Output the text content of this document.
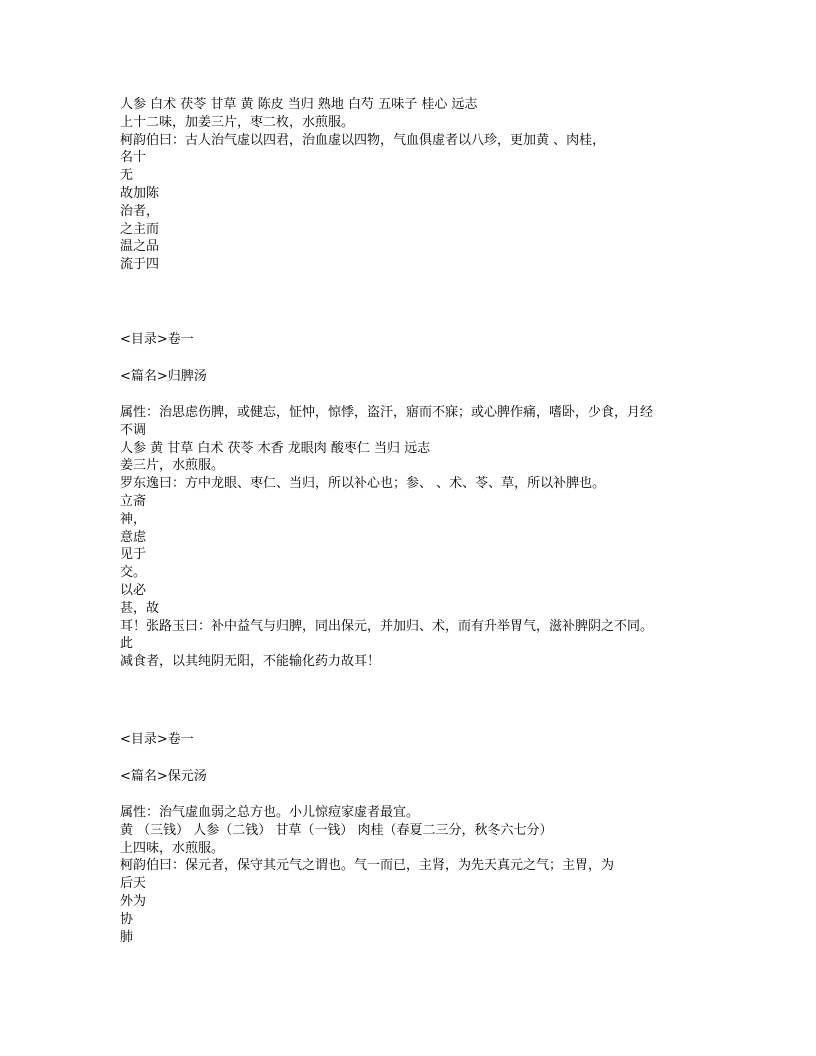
人参 白术 茯苓 甘草 黄 陈皮 当归 熟地 白芍 五味子 桂心 远志
上十二味，加姜三片，枣二枚，水煎服。
柯韵伯曰：古人治气虚以四君，治血虚以四物，气血俱虚者以八珍，更加黄 、肉桂，
名十
无
故加陈
治者，
之主而
温之品
流于四
<目录>卷一
<篇名>归脾汤
属性：治思虑伤脾，或健忘，怔忡，惊悸，盗汗，寤而不寐；或心脾作痛，嗜卧，少食，月经
不调
人参 黄 甘草 白术 茯苓 木香 龙眼肉 酸枣仁 当归 远志
姜三片，水煎服。
罗东逸曰：方中龙眼、枣仁、当归，所以补心也；参、 、术、苓、草，所以补脾也。
立斋
神，
意虑
见于
交。
以必
甚，故
耳！张路玉曰：补中益气与归脾，同出保元，并加归、术，而有升举胃气，滋补脾阴之不同。
此
减食者，以其纯阴无阳，不能输化药力故耳！
<目录>卷一
<篇名>保元汤
属性：治气虚血弱之总方也。小儿惊痘家虚者最宜。
黄 （三钱） 人参（二钱） 甘草（一钱） 肉桂（春夏二三分，秋冬六七分）
上四味，水煎服。
柯韵伯曰：保元者，保守其元气之谓也。气一而已，主肾，为先天真元之气；主胃，为
后天
外为
协
肺
